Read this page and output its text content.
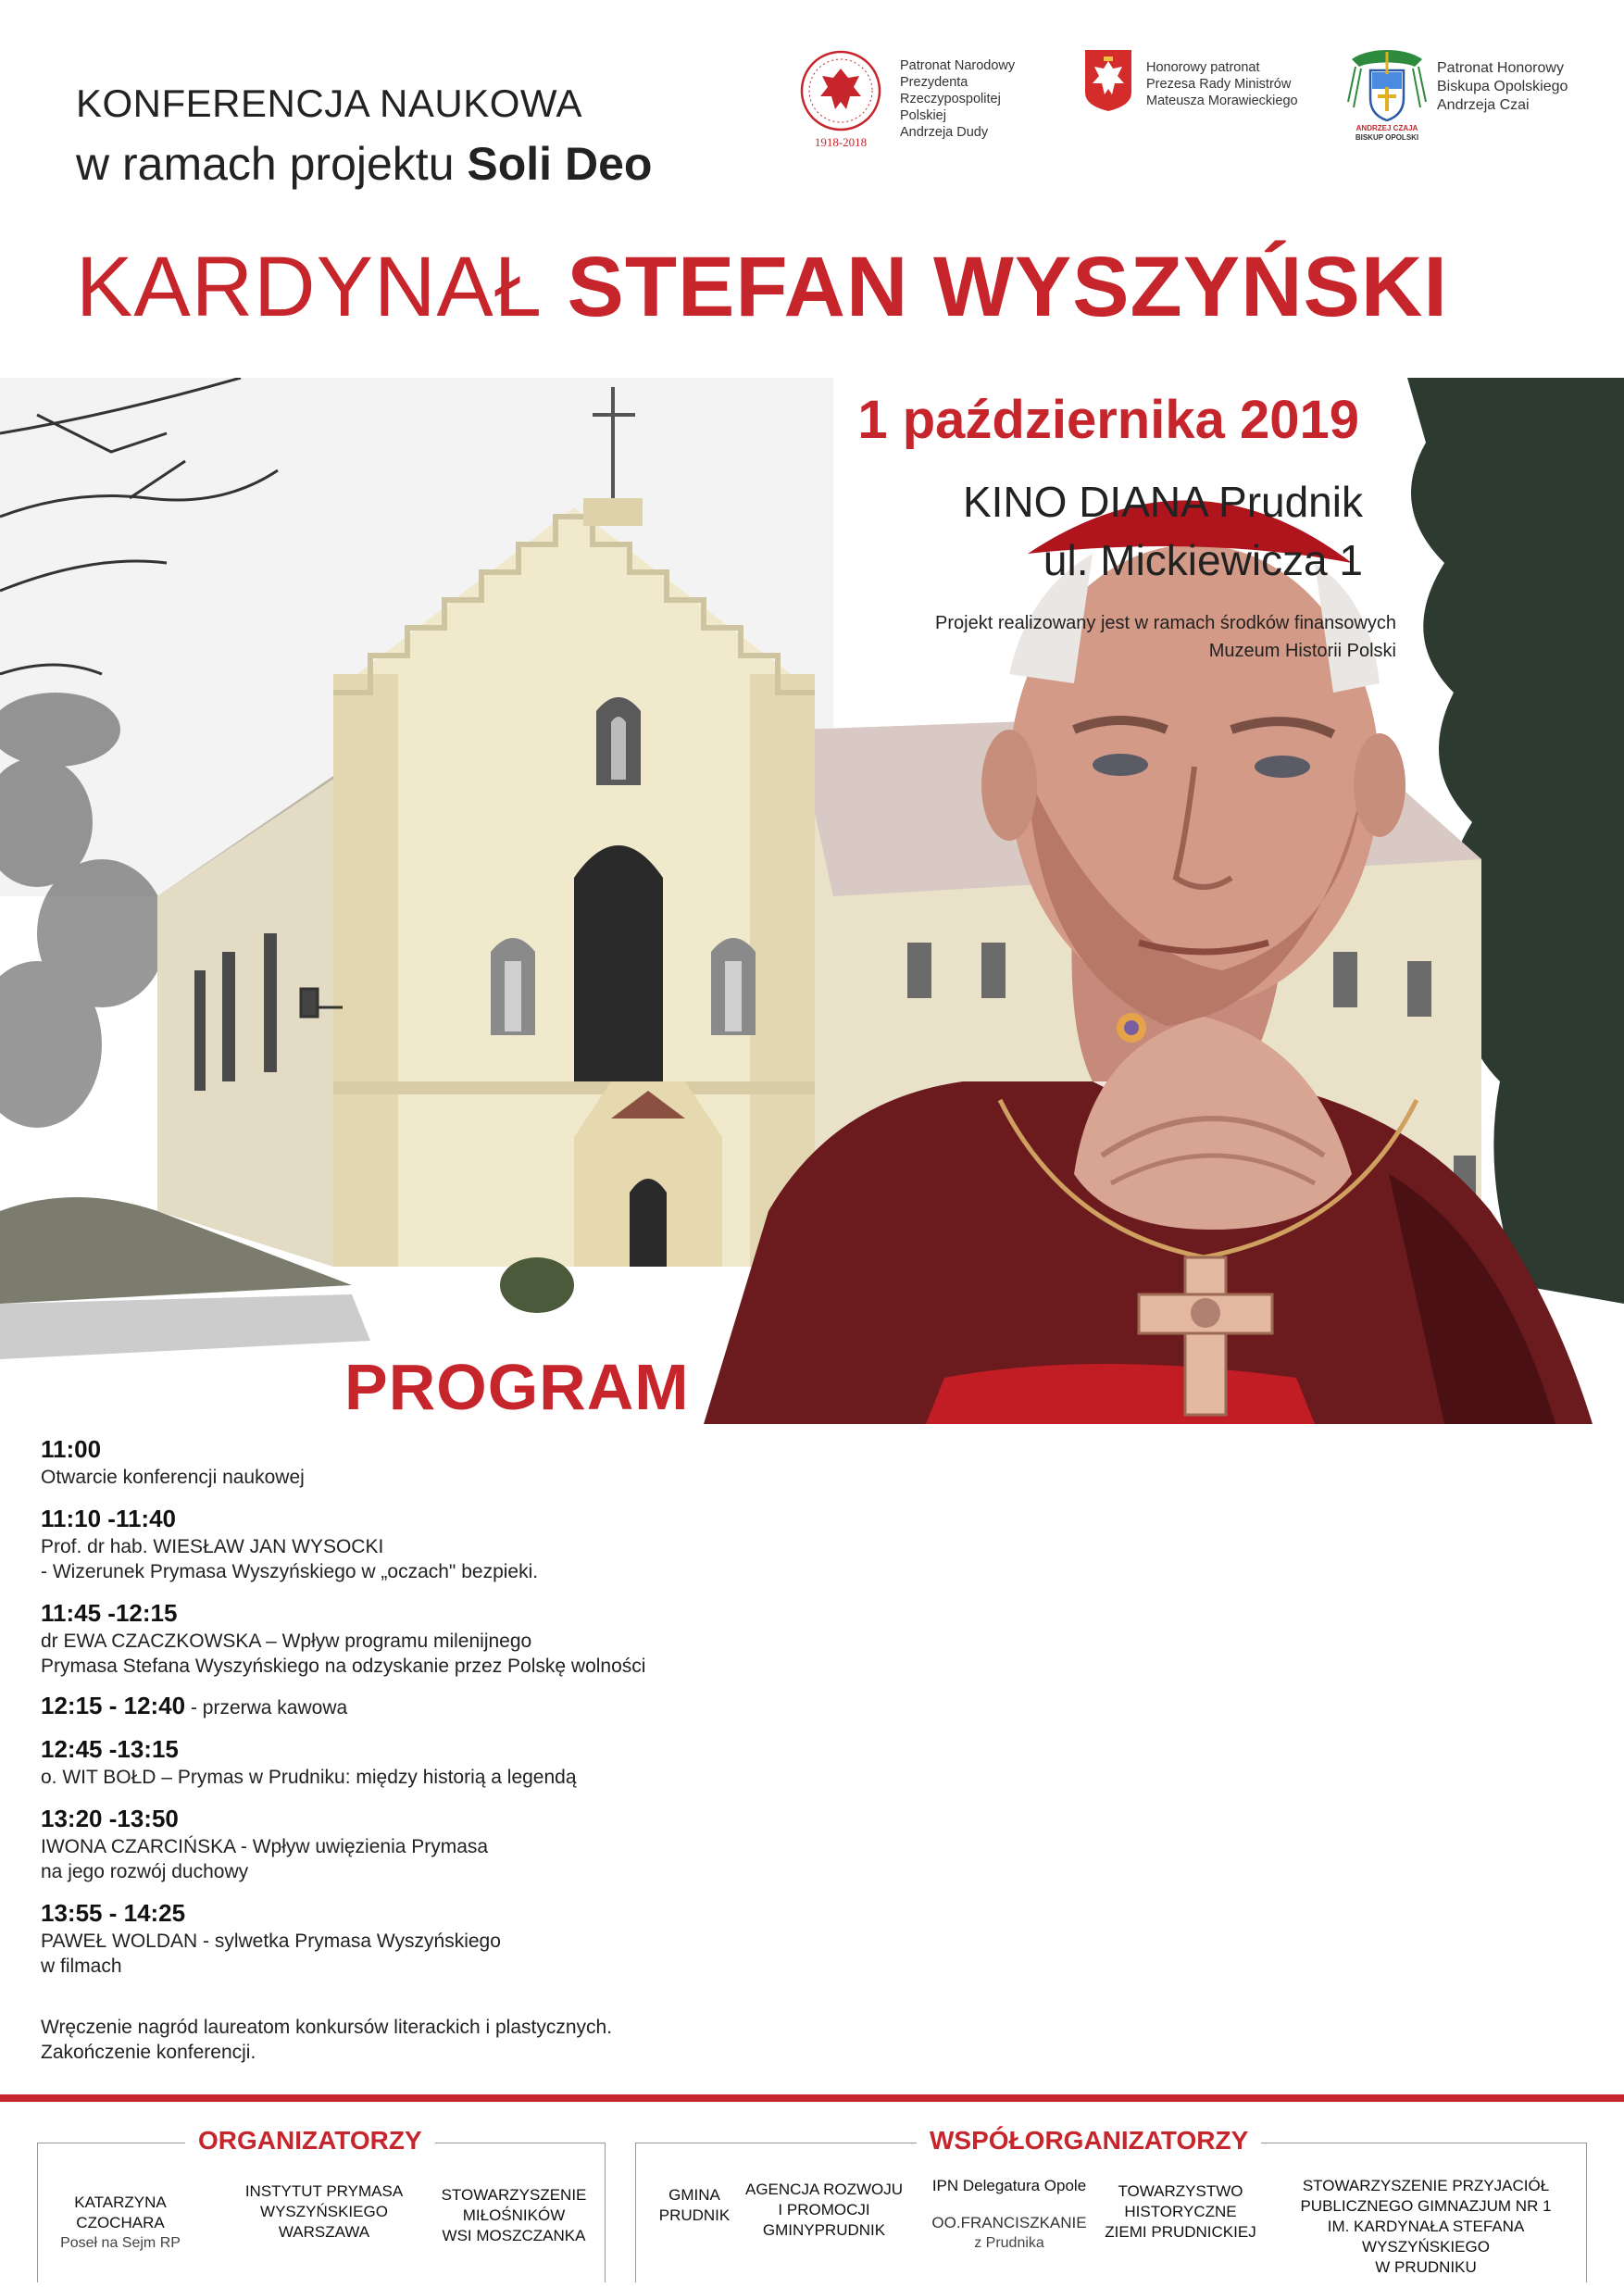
KONFERENCJA NAUKOWA
w ramach projektu Soli Deo
KARDYNAŁ STEFAN WYSZYŃSKI
1918-2018
Patronat Narodowy
Prezydenta
Rzeczypospolitej Polskiej
Andrzeja Dudy
Honorowy patronat
Prezesa Rady Ministrów
Mateusza Morawieckiego
ANDRZEJ CZAJA
BISKUP OPOLSKI
Patronat Honorowy
Biskupa Opolskiego
Andrzeja Czai
1 października 2019
KINO DIANA Prudnik
ul. Mickiewicza 1
Projekt realizowany jest w ramach środków finansowych
Muzeum Historii Polski
PROGRAM
11:00
Otwarcie konferencji naukowej
11:10 -11:40
Prof. dr hab. WIESŁAW JAN WYSOCKI
- Wizerunek Prymasa Wyszyńskiego w „oczach" bezpieki.
11:45 -12:15
dr EWA CZACZKOWSKA – Wpływ programu milenijnego
Prymasa Stefana Wyszyńskiego na odzyskanie przez Polskę wolności
12:15 - 12:40 - przerwa kawowa
12:45 -13:15
o. WIT BOŁD – Prymas w Prudniku: między historią a legendą
13:20 -13:50
IWONA CZARCIŃSKA - Wpływ uwięzienia Prymasa
na jego rozwój duchowy
13:55 - 14:25
PAWEŁ WOLDAN - sylwetka Prymasa Wyszyńskiego
w filmach
Wręczenie nagród laureatom konkursów literackich i plastycznych.
Zakończenie konferencji.
ORGANIZATORZY	WSPÓŁORGANIZATORZY
KATARZYNA CZOCHARA
Poseł na Sejm RP
INSTYTUT PRYMASA
WYSZYŃSKIEGO
WARSZAWA
STOWARZYSZENIE
MIŁOŚNIKÓW
WSI MOSZCZANKA
GMINA
PRUDNIK
AGENCJA ROZWOJU
I PROMOCJI
GMINYPRUDNIK
IPN Delegatura Opole
OO.FRANCISZKANIE
z Prudnika
TOWARZYSTWO
HISTORYCZNE
ZIEMI PRUDNICKIEJ
STOWARZYSZENIE PRZYJACIÓŁ
PUBLICZNEGO GIMNAZJUM NR 1
IM. KARDYNAŁA STEFANA WYSZYŃSKIEGO
W PRUDNIKU
